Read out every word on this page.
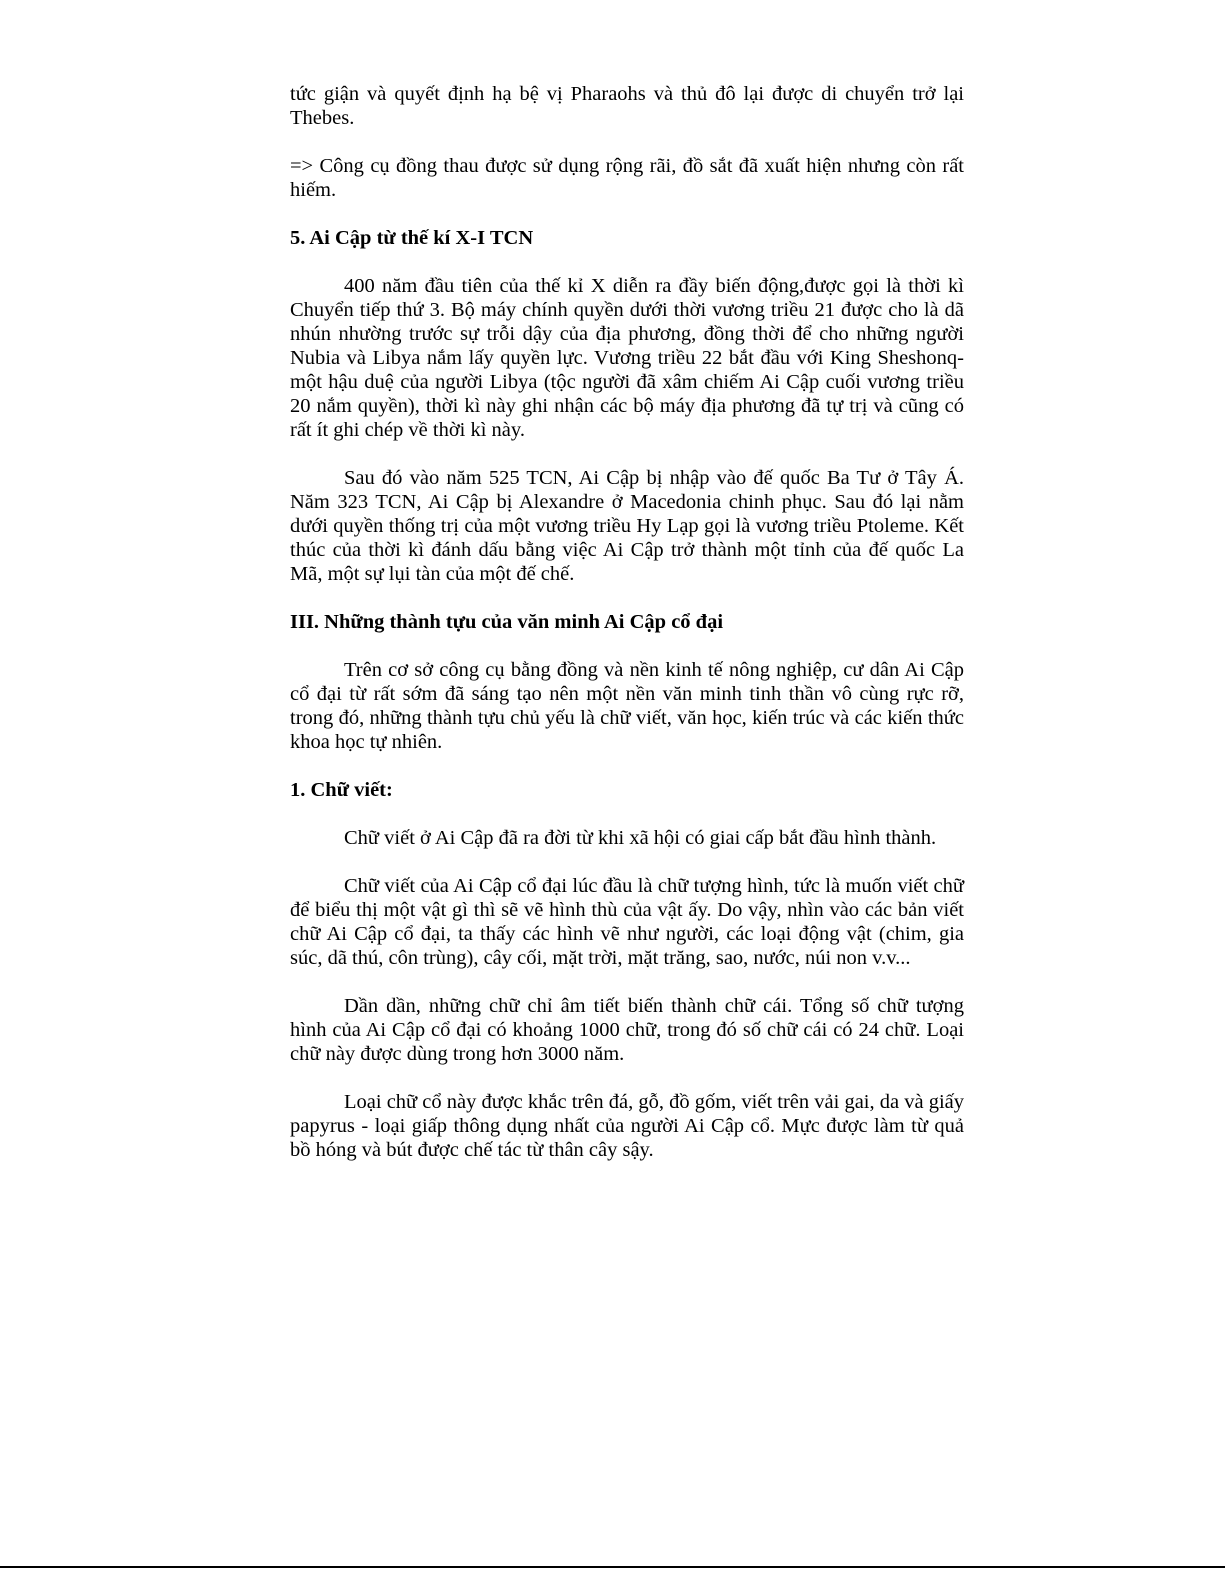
tức giận và quyết định hạ bệ vị Pharaohs và thủ đô lại được di chuyển trở lại Thebes.

=> Công cụ đồng thau được sử dụng rộng rãi, đồ sắt đã xuất hiện nhưng còn rất hiếm.

5. Ai Cập từ thế kí X-I TCN

400 năm đầu tiên của thế kỉ X diễn ra đầy biến động,được gọi là thời kì Chuyển tiếp thứ 3. Bộ máy chính quyền dưới thời vương triều 21 được cho là dã nhún nhường trước sự trỗi dậy của địa phương, đồng thời để cho những người Nubia và Libya nắm lấy quyền lực. Vương triều 22 bắt đầu với King Sheshonq- một hậu duệ của người Libya (tộc người đã xâm chiếm Ai Cập cuối vương triều 20 nắm quyền), thời kì này ghi nhận các bộ máy địa phương đã tự trị và cũng có rất ít ghi chép về thời kì này.

Sau đó vào năm 525 TCN, Ai Cập bị nhập vào đế quốc Ba Tư ở Tây Á. Năm 323 TCN, Ai Cập bị Alexandre ở Macedonia chinh phục. Sau đó lại nằm dưới quyền thống trị của một vương triều Hy Lạp gọi là vương triều Ptoleme. Kết thúc của thời kì đánh dấu bằng việc Ai Cập trở thành một tỉnh của đế quốc La Mã, một sự lụi tàn của một đế chế.

III. Những thành tựu của văn minh Ai Cập cổ đại

Trên cơ sở công cụ bằng đồng và nền kinh tế nông nghiệp, cư dân Ai Cập cổ đại từ rất sớm đã sáng tạo nên một nền văn minh tinh thần vô cùng rực rỡ, trong đó, những thành tựu chủ yếu là chữ viết, văn học, kiến trúc và các kiến thức khoa học tự nhiên.

1. Chữ viết:

Chữ viết ở Ai Cập đã ra đời từ khi xã hội có giai cấp bắt đầu hình thành.

Chữ viết của Ai Cập cổ đại lúc đầu là chữ tượng hình, tức là muốn viết chữ để biểu thị một vật gì thì sẽ vẽ hình thù của vật ấy. Do vậy, nhìn vào các bản viết chữ Ai Cập cổ đại, ta thấy các hình vẽ như người, các loại động vật (chim, gia súc, dã thú, côn trùng), cây cối, mặt trời, mặt trăng, sao, nước, núi non v.v...

Dần dần, những chữ chỉ âm tiết biến thành chữ cái. Tổng số chữ tượng hình của Ai Cập cổ đại có khoảng 1000 chữ, trong đó số chữ cái có 24 chữ. Loại chữ này được dùng trong hơn 3000 năm.

Loại chữ cổ này được khắc trên đá, gỗ, đồ gốm, viết trên vải gai, da và giấy papyrus - loại giấp thông dụng nhất của người Ai Cập cổ. Mực được làm từ quả bồ hóng và bút được chế tác từ thân cây sậy.
